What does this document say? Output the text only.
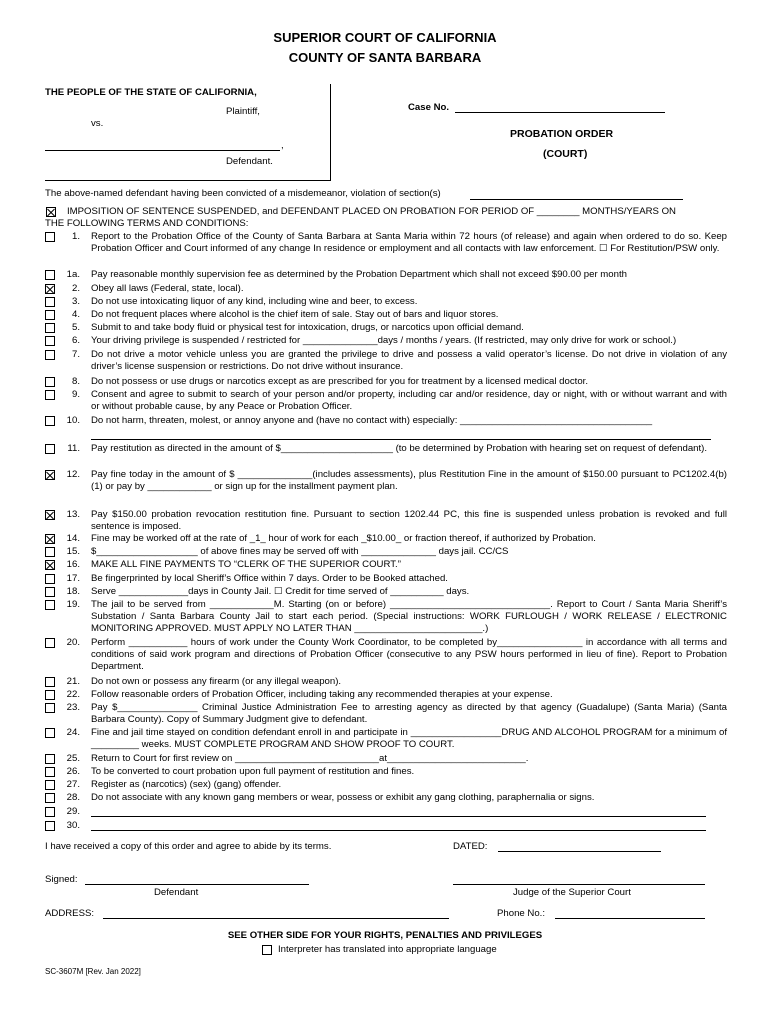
SUPERIOR COURT OF CALIFORNIA
COUNTY OF SANTA BARBARA
THE PEOPLE OF THE STATE OF CALIFORNIA,
Plaintiff,
vs.
,
Defendant.
Case No.
PROBATION ORDER
(COURT)
The above-named defendant having been convicted of a misdemeanor, violation of section(s)
IMPOSITION OF SENTENCE SUSPENDED, and DEFENDANT PLACED ON PROBATION FOR PERIOD OF ________ MONTHS/YEARS ON
THE FOLLOWING TERMS AND CONDITIONS:
1. Report to the Probation Office of the County of Santa Barbara at Santa Maria within 72 hours (of release) and again when ordered to do so. Keep Probation Officer and Court informed of any change In residence or employment and all contacts with law enforcement. ☐ For Restitution/PSW only.
1a. Pay reasonable monthly supervision fee as determined by the Probation Department which shall not exceed $90.00 per month
2. Obey all laws (Federal, state, local).
3. Do not use intoxicating liquor of any kind, including wine and beer, to excess.
4. Do not frequent places where alcohol is the chief item of sale. Stay out of bars and liquor stores.
5. Submit to and take body fluid or physical test for intoxication, drugs, or narcotics upon official demand.
6. Your driving privilege is suspended / restricted for ______________days / months / years. (If restricted, may only drive for work or school.)
7. Do not drive a motor vehicle unless you are granted the privilege to drive and possess a valid operator’s license. Do not drive in violation of any driver’s license suspension or restrictions. Do not drive without insurance.
8. Do not possess or use drugs or narcotics except as are prescribed for you for treatment by a licensed medical doctor.
9. Consent and agree to submit to search of your person and/or property, including car and/or residence, day or night, with or without warrant and with or without probable cause, by any Peace or Probation Officer.
10. Do not harm, threaten, molest, or annoy anyone and (have no contact with) especially: ____________________________________
11. Pay restitution as directed in the amount of $_____________________ (to be determined by Probation with hearing set on request of defendant).
12. Pay fine today in the amount of $ ______________(includes assessments), plus Restitution Fine in the amount of $150.00 pursuant to PC1202.4(b)(1) or pay by ____________ or sign up for the installment payment plan.
13. Pay $150.00 probation revocation restitution fine. Pursuant to section 1202.44 PC, this fine is suspended unless probation is revoked and full sentence is imposed.
14. Fine may be worked off at the rate of _1_ hour of work for each _$10.00_ or fraction thereof, if authorized by Probation.
15. $___________________ of above fines may be served off with ______________ days jail. CC/CS
16. MAKE ALL FINE PAYMENTS TO “CLERK OF THE SUPERIOR COURT.”
17. Be fingerprinted by local Sheriff’s Office within 7 days. Order to be Booked attached.
18. Serve _____________days in County Jail. ☐ Credit for time served of __________ days.
19. The jail to be served from ____________M. Starting (on or before) ______________________________. Report to Court / Santa Maria Sheriff’s Substation / Santa Barbara County Jail to start each period. (Special instructions: WORK FURLOUGH / WORK RELEASE / ELECTRONIC MONITORING APPROVED. MUST APPLY NO LATER THAN ________________________.)
20. Perform ___________ hours of work under the County Work Coordinator, to be completed by________________ in accordance with all terms and conditions of said work program and directions of Probation Officer (consecutive to any PSW hours performed in lieu of fine). Report to Probation Department.
21. Do not own or possess any firearm (or any illegal weapon).
22. Follow reasonable orders of Probation Officer, including taking any recommended therapies at your expense.
23. Pay $_______________ Criminal Justice Administration Fee to arresting agency as directed by that agency (Guadalupe) (Santa Maria) (Santa Barbara County). Copy of Summary Judgment give to defendant.
24. Fine and jail time stayed on condition defendant enroll in and participate in _________________DRUG AND ALCOHOL PROGRAM for a minimum of _________ weeks. MUST COMPLETE PROGRAM AND SHOW PROOF TO COURT.
25. Return to Court for first review on ___________________________at__________________________.
26. To be converted to court probation upon full payment of restitution and fines.
27. Register as (narcotics) (sex) (gang) offender.
28. Do not associate with any known gang members or wear, possess or exhibit any gang clothing, paraphernalia or signs.
29.
30.
I have received a copy of this order and agree to abide by its terms.	DATED:
Signed:
Defendant	Judge of the Superior Court
ADDRESS:	Phone No.:
SEE OTHER SIDE FOR YOUR RIGHTS, PENALTIES AND PRIVILEGES
Interpreter has translated into appropriate language
SC-3607M [Rev. Jan 2022]
